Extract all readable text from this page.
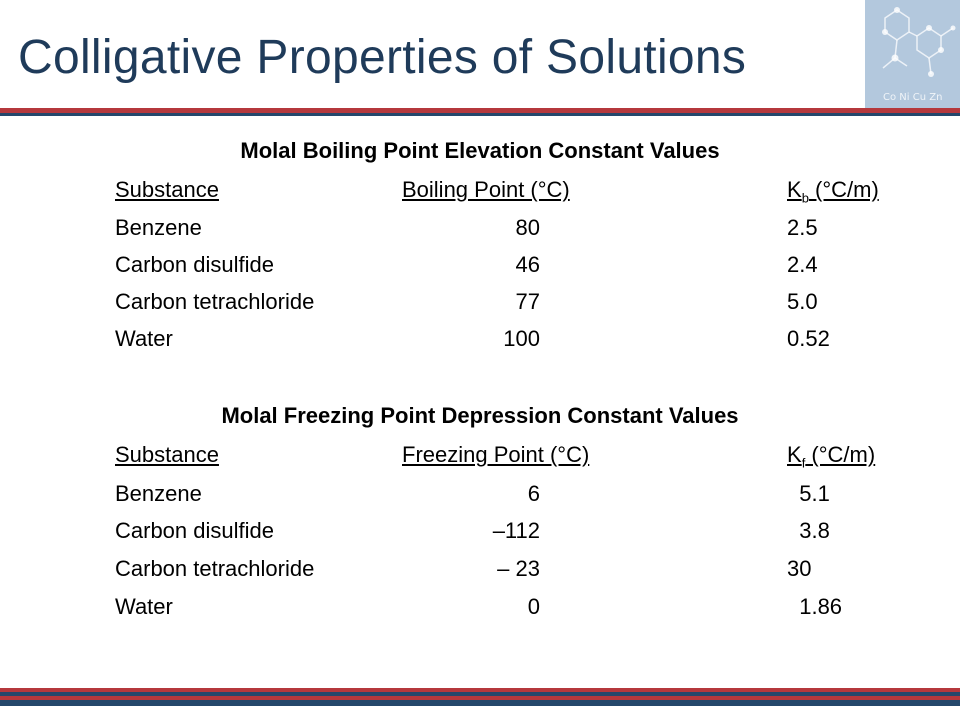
Colligative Properties of Solutions
Co Ni Cu Zn
Molal Boiling Point Elevation Constant Values
Substance	Boiling Point (°C)	$K_b$ (°C/m)
Benzene	80	2.5
Carbon disulfide	46	2.4
Carbon tetrachloride	77	5.0
Water	100	0.52
Molal Freezing Point Depression Constant Values
Substance	Freezing Point (°C)	$K_f$ (°C/m)
Benzene	6	5.1
Carbon disulfide	–112	3.8
Carbon tetrachloride	– 23	30
Water	0	1.86
